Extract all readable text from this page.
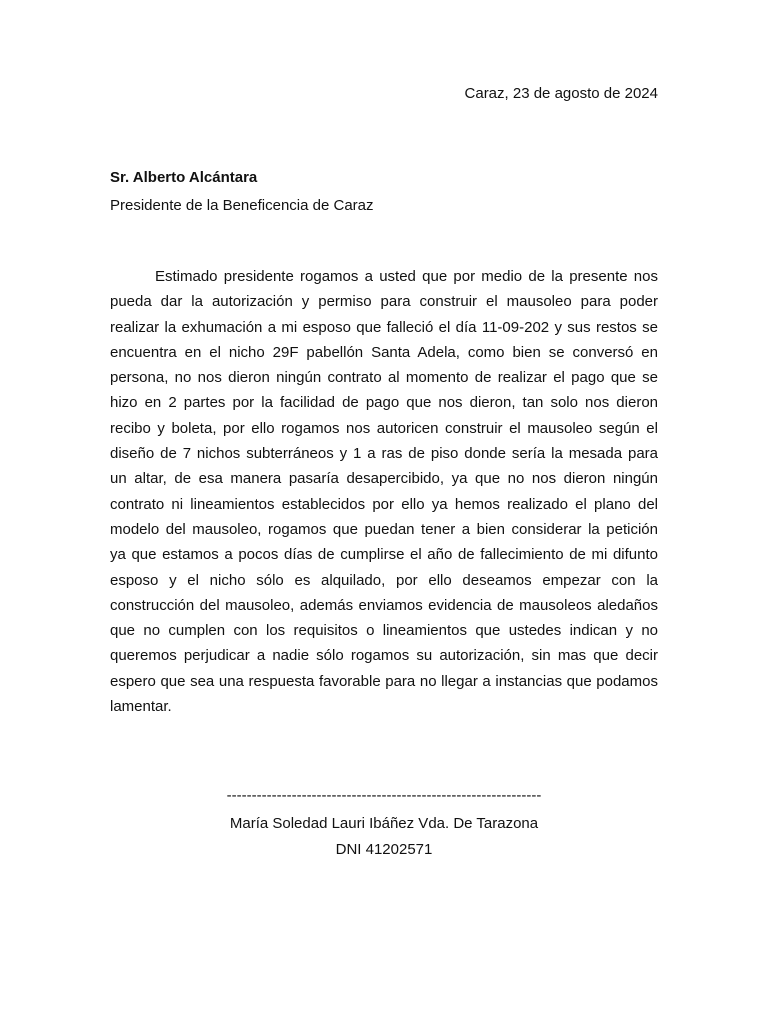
Caraz, 23 de agosto de 2024
Sr. Alberto Alcántara
Presidente de la Beneficencia de Caraz
Estimado presidente rogamos a usted que por medio de la presente nos
pueda dar la autorización y permiso para construir el mausoleo para poder
realizar la exhumación a mi esposo que falleció el día 11-09-202 y sus restos se
encuentra en el nicho 29F pabellón Santa Adela, como bien se conversó en
persona, no nos dieron ningún contrato al momento de realizar el pago que se
hizo en 2 partes por la facilidad de pago que nos dieron, tan solo nos dieron
recibo y boleta, por ello rogamos nos autoricen construir el mausoleo según el
diseño de 7 nichos subterráneos y 1 a ras de piso donde sería la mesada para
un altar, de esa manera pasaría desapercibido, ya que no nos dieron ningún
contrato ni lineamientos establecidos por ello ya hemos realizado el plano del
modelo del mausoleo, rogamos que puedan tener a bien considerar la petición
ya que estamos a pocos días de cumplirse el año de fallecimiento de mi difunto
esposo y el nicho sólo es alquilado, por ello deseamos empezar con la
construcción del mausoleo, además enviamos evidencia de mausoleos aledaños
que no cumplen con los requisitos o lineamientos que ustedes indican y no
queremos perjudicar a nadie sólo rogamos su autorización, sin mas que decir
espero que sea una respuesta favorable para no llegar a instancias que podamos
lamentar.
---------------------------------------------------------------
María Soledad Lauri Ibáñez Vda. De Tarazona
DNI 41202571
